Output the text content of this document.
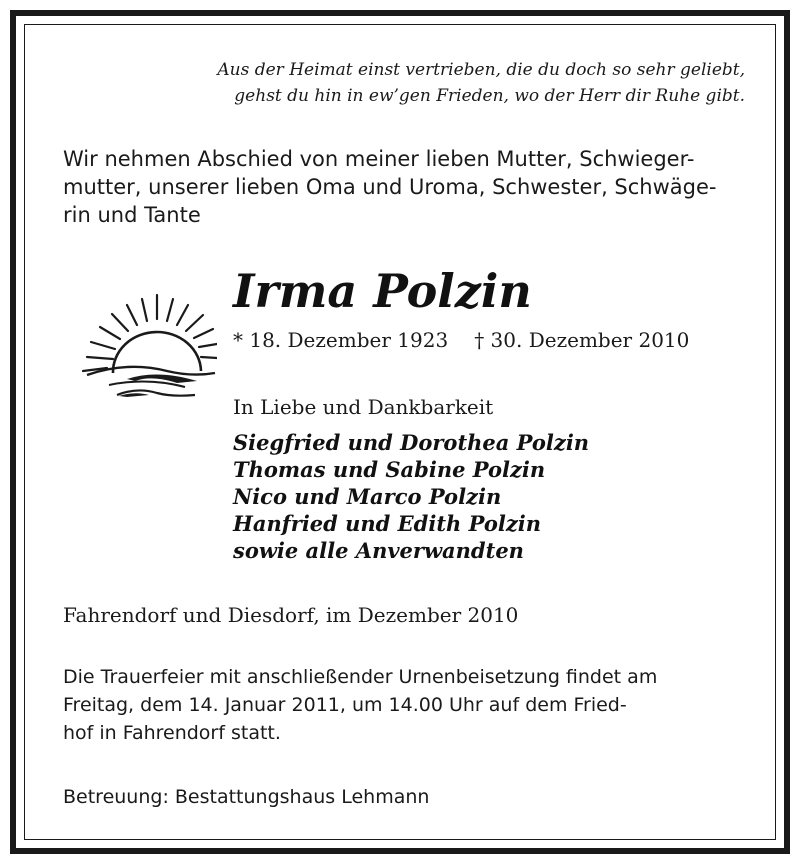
Aus der Heimat einst vertrieben, die du doch so sehr geliebt,
gehst du hin in ew’gen Frieden, wo der Herr dir Ruhe gibt.
Wir nehmen Abschied von meiner lieben Mutter, Schwieger-
mutter, unserer lieben Oma und Uroma, Schwester, Schwäge-
rin und Tante
Irma Polzin
* 18. Dezember 1923 † 30. Dezember 2010
In Liebe und Dankbarkeit
Siegfried und Dorothea Polzin
Thomas und Sabine Polzin
Nico und Marco Polzin
Hanfried und Edith Polzin
sowie alle Anverwandten
Fahrendorf und Diesdorf, im Dezember 2010
Die Trauerfeier mit anschließender Urnenbeisetzung findet am
Freitag, dem 14. Januar 2011, um 14.00 Uhr auf dem Fried-
hof in Fahrendorf statt.
Betreuung: Bestattungshaus Lehmann
